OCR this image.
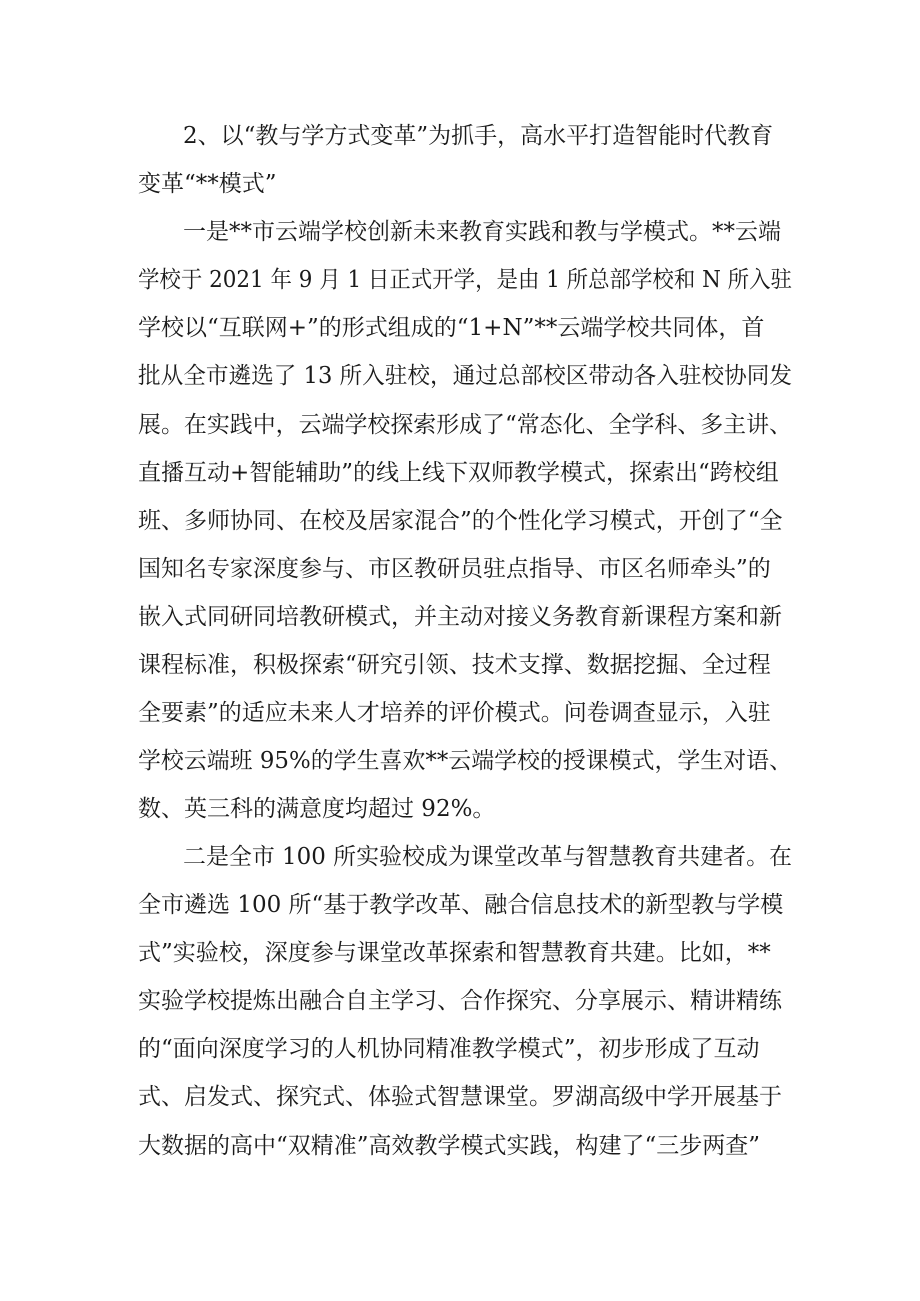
2、以“教与学方式变革”为抓手，高水平打造智能时代教育
变革“**模式”
一是**市云端学校创新未来教育实践和教与学模式。**云端
学校于 2021 年 9 月 1 日正式开学，是由 1 所总部学校和 N 所入驻
学校以“互联网+”的形式组成的“1+N”**云端学校共同体，首
批从全市遴选了 13 所入驻校，通过总部校区带动各入驻校协同发
展。在实践中，云端学校探索形成了“常态化、全学科、多主讲、
直播互动+智能辅助”的线上线下双师教学模式，探索出“跨校组
班、多师协同、在校及居家混合”的个性化学习模式，开创了“全
国知名专家深度参与、市区教研员驻点指导、市区名师牵头”的
嵌入式同研同培教研模式，并主动对接义务教育新课程方案和新
课程标准，积极探索“研究引领、技术支撑、数据挖掘、全过程
全要素”的适应未来人才培养的评价模式。问卷调查显示，入驻
学校云端班 95%的学生喜欢**云端学校的授课模式，学生对语、
数、英三科的满意度均超过 92%。
二是全市 100 所实验校成为课堂改革与智慧教育共建者。在
全市遴选 100 所“基于教学改革、融合信息技术的新型教与学模
式”实验校，深度参与课堂改革探索和智慧教育共建。比如，**
实验学校提炼出融合自主学习、合作探究、分享展示、精讲精练
的“面向深度学习的人机协同精准教学模式”，初步形成了互动
式、启发式、探究式、体验式智慧课堂。罗湖高级中学开展基于
大数据的高中“双精准”高效教学模式实践，构建了“三步两查”
